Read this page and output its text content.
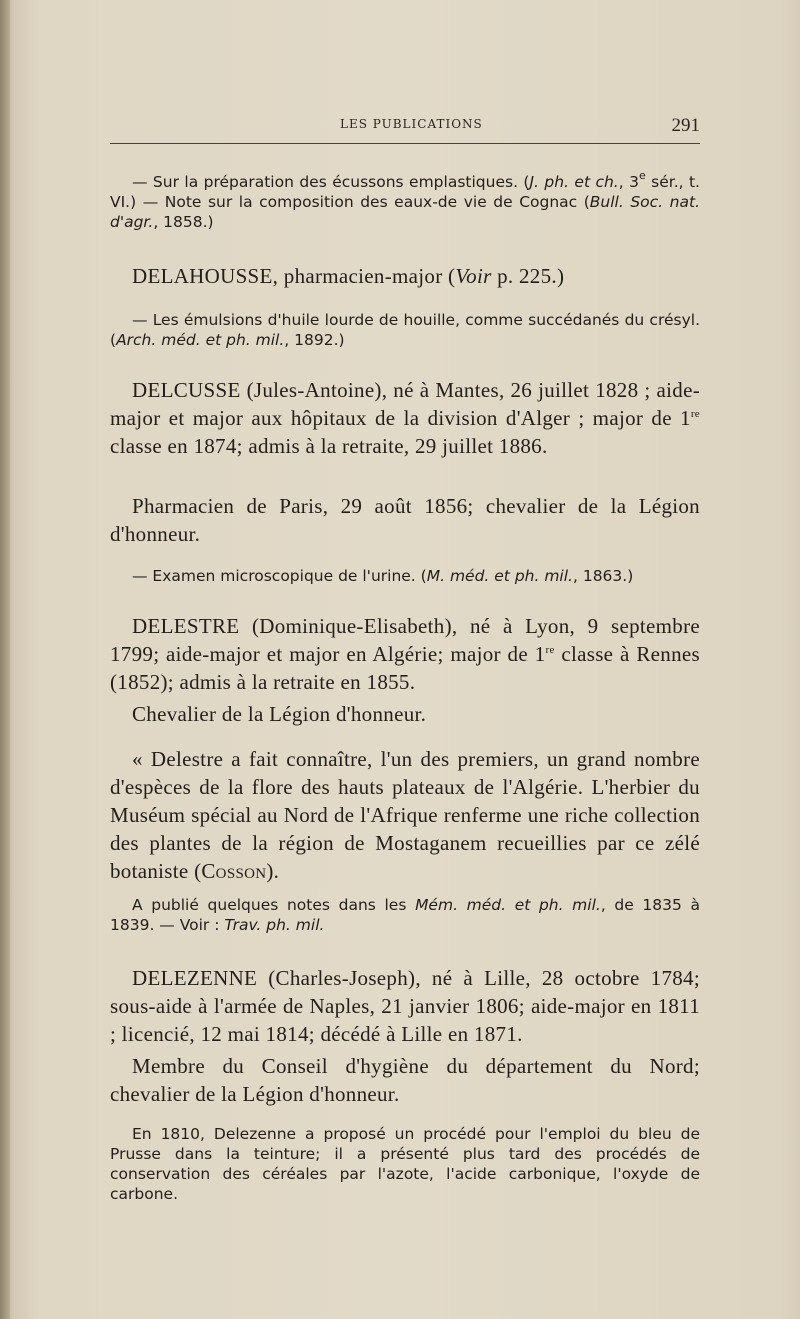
LES PUBLICATIONS	291
— Sur la préparation des écussons emplastiques. (J. ph. et ch., 3e sér., t. VI.) — Note sur la composition des eaux-de vie de Cognac (Bull. Soc. nat. d'agr., 1858.)
DELAHOUSSE, pharmacien-major (Voir p. 225.)
— Les émulsions d'huile lourde de houille, comme succédanés du crésyl. (Arch. méd. et ph. mil., 1892.)
DELCUSSE (Jules-Antoine), né à Mantes, 26 juillet 1828 ; aide-major et major aux hôpitaux de la division d'Alger ; major de 1re classe en 1874; admis à la retraite, 29 juillet 1886.
Pharmacien de Paris, 29 août 1856; chevalier de la Légion d'honneur.
— Examen microscopique de l'urine. (M. méd. et ph. mil., 1863.)
DELESTRE (Dominique-Elisabeth), né à Lyon, 9 septembre 1799; aide-major et major en Algérie; major de 1re classe à Rennes (1852); admis à la retraite en 1855.
Chevalier de la Légion d'honneur.
« Delestre a fait connaître, l'un des premiers, un grand nombre d'espèces de la flore des hauts plateaux de l'Algérie. L'herbier du Muséum spécial au Nord de l'Afrique renferme une riche collection des plantes de la région de Mostaganem recueillies par ce zélé botaniste (Cosson).
A publié quelques notes dans les Mém. méd. et ph. mil., de 1835 à 1839. — Voir : Trav. ph. mil.
DELEZENNE (Charles-Joseph), né à Lille, 28 octobre 1784; sous-aide à l'armée de Naples, 21 janvier 1806; aide-major en 1811 ; licencié, 12 mai 1814; décédé à Lille en 1871.
Membre du Conseil d'hygiène du département du Nord; chevalier de la Légion d'honneur.
En 1810, Delezenne a proposé un procédé pour l'emploi du bleu de Prusse dans la teinture; il a présenté plus tard des procédés de conservation des céréales par l'azote, l'acide carbonique, l'oxyde de carbone.
